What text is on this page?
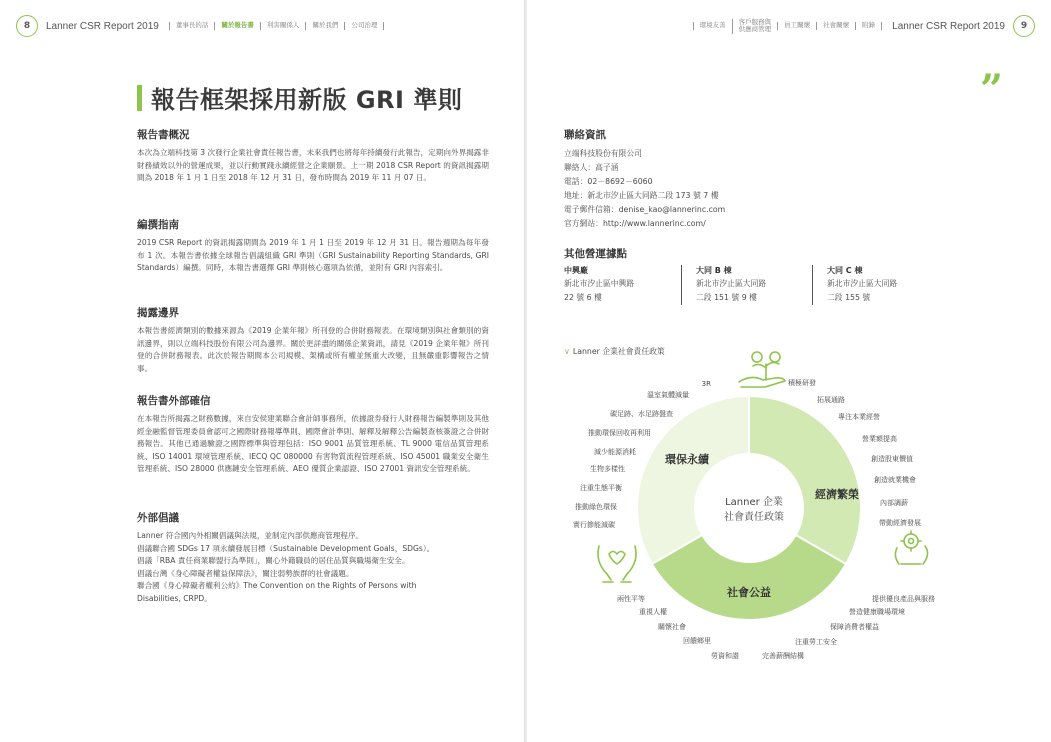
8	Lanner CSR Report 2019	董事長的話	關於報告書	利害關係人	關於我們	公司治理
報告框架採用新版 GRI 準則
報告書概況

本次為立端科技第 3 次發行企業社會責任報告書，未來我們也將每年持續發行此報告，定期向外界揭露非財務績效以外的營運成果，並以行動實踐永續經營之企業願景。上一期 2018 CSR Report 的資訊揭露期間為 2018 年 1 月 1 日至 2018 年 12 月 31 日，發布時間為 2019 年 11 月 07 日。

編撰指南

2019 CSR Report 的資訊揭露期間為 2019 年 1 月 1 日至 2019 年 12 月 31 日。報告週期為每年發布 1 次。本報告書依據全球報告倡議組織 GRI 準則（GRI Sustainability Reporting Standards, GRI Standards）編撰。同時，本報告書選擇 GRI 準則核心選項為依循，並附有 GRI 內容索引。

揭露邊界

本報告書經濟類別的數據來源為《2019 企業年報》所刊登的合併財務報表。在環境類別與社會類別的資訊邊界，則以立端科技股份有限公司為邊界。關於更詳盡的關係企業資訊，請見《2019 企業年報》所刊登的合併財務報表。此次於報告期間本公司規模、架構或所有權並無重大改變，且無嚴重影響報告之情事。

報告書外部確信

在本報告所揭露之財務數據，來自安侯建業聯合會計師事務所，依據證券發行人財務報告編製準則及其他經金融監督管理委員會認可之國際財務報導準則、國際會計準則、解釋及解釋公告編製查核簽證之合併財務報告。其他已通過驗證之國際標準與管理包括：ISO 9001 品質管理系統、TL 9000 電信品質管理系統、ISO 14001 環境管理系統、IECQ QC 080000 有害物質流程管理系統、ISO 45001 職業安全衛生管理系統、ISO 28000 供應鏈安全管理系統、AEO 優質企業認證、ISO 27001 資訊安全管理系統。

外部倡議
Lanner 符合國內外相關倡議與法規，並制定內部供應商管理程序。
倡議聯合國 SDGs 17 項永續發展目標（Sustainable Development Goals，SDGs）。
倡議「RBA 責任商業聯盟行為準則」，關心外籍職員的居住品質與職場衛生安全。
倡議台灣《身心障礙者權益保障法》，關注弱勢族群的社會議題。
聯合國《身心障礙者權利公約》The Convention on the Rights of Persons with
Disabilities, CRPD。
環境友善	客戶服務與
供應商管理	員工關懷	社會關懷	附錄	Lanner CSR Report 2019	9
”
聯絡資訊
立端科技股份有限公司
聯絡人：高子涵
電話：02－8692－6060
地址：新北市汐止區大同路二段 173 號 7 樓
電子郵件信箱：denise_kao@lannerinc.com
官方網站：http://www.lannerinc.com/
其他營運據點
中興廠
新北市汐止區中興路
22 號 6 樓
大同 B 棟
新北市汐止區大同路
二段 151 號 9 樓
大同 C 棟
新北市汐止區大同路
二段 155 號
∨ Lanner 企業社會責任政策
環保永續
經濟繁榮
社會公益
Lanner 企業
社會責任政策
3R
溫室氣體減量
碳足跡、水足跡盤查
推動環保回收再利用
減少能源消耗
生物多樣性
注重生態平衡
推動綠色環保
實行節能減碳
積極研發
拓展通路
專注本業經營
營業額提高
創造股東價值
創造就業機會
內部調薪
帶動經濟發展
提供優良產品與服務
營造健康職場環境
保障消費者權益
注重勞工安全
完善薪酬結構
勞資和諧
回饋鄉里
關懷社會
重視人權
兩性平等
